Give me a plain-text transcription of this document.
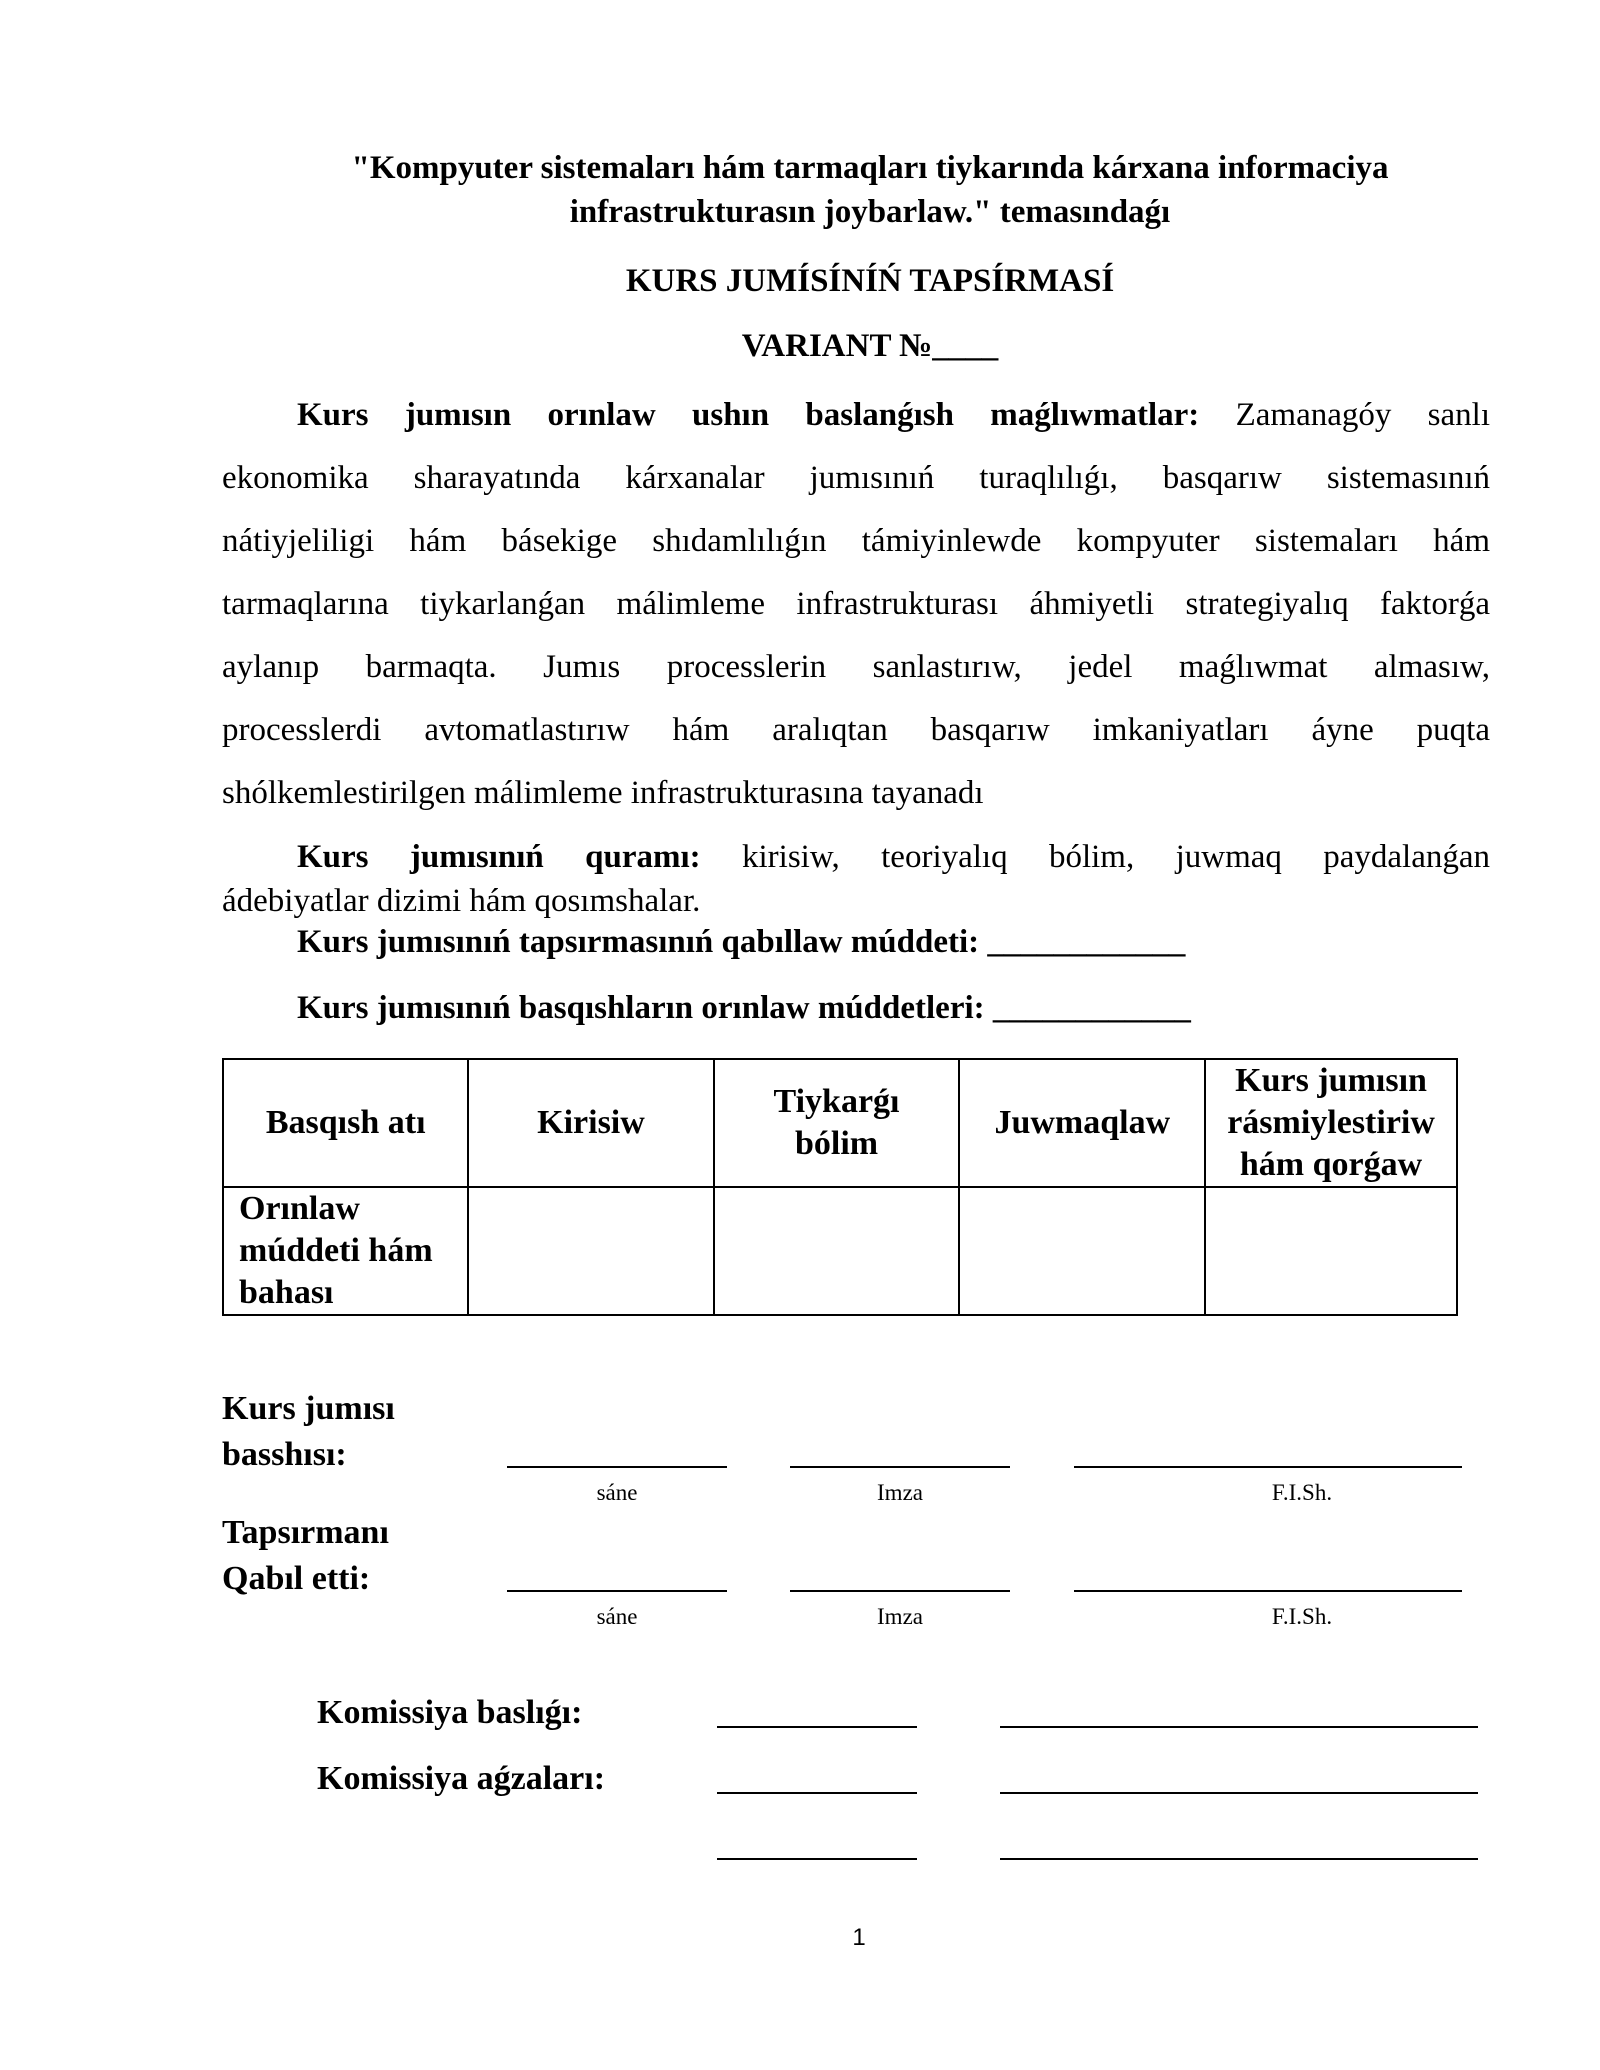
"Kompyuter sistemaları hám tarmaqları tiykarında kárxana informaciya
infrastrukturasın joybarlaw." temasındaǵı
KURS JUMÍSÍNÍŃ TAPSÍRMASÍ
VARIANT №____
Kurs jumısın orınlaw ushın baslanǵısh maǵlıwmatlar: Zamanagóy sanlı
ekonomika sharayatında kárxanalar jumısınıń turaqlılıǵı, basqarıw sistemasınıń
nátiyjeliligi hám básekige shıdamlılıǵın támiyinlewde kompyuter sistemaları hám
tarmaqlarına tiykarlanǵan málimleme infrastrukturası áhmiyetli strategiyalıq faktorǵa
aylanıp barmaqta. Jumıs processlerin sanlastırıw, jedel maǵlıwmat almasıw,
processlerdi avtomatlastırıw hám aralıqtan basqarıw imkaniyatları áyne puqta
shólkemlestirilgen málimleme infrastrukturasına tayanadı
Kurs jumısınıń quramı: kirisiw, teoriyalıq bólim, juwmaq paydalanǵan
ádebiyatlar dizimi hám qosımshalar.
Kurs jumısınıń tapsırmasınıń qabıllaw múddeti: ____________
Kurs jumısınıń basqıshların orınlaw múddetleri: ____________
Basqısh atı	Kirisiw	Tiykarǵı bólim	Juwmaqlaw	Kurs jumısın rásmiylestiriw hám qorǵaw
Orınlaw múddeti hám bahası				
Kurs jumısı basshısı:
sáne	Imza	F.I.Sh.
Tapsırmanı Qabıl etti:
sáne	Imza	F.I.Sh.
Komissiya baslıǵı:
Komissiya aǵzaları:
1
